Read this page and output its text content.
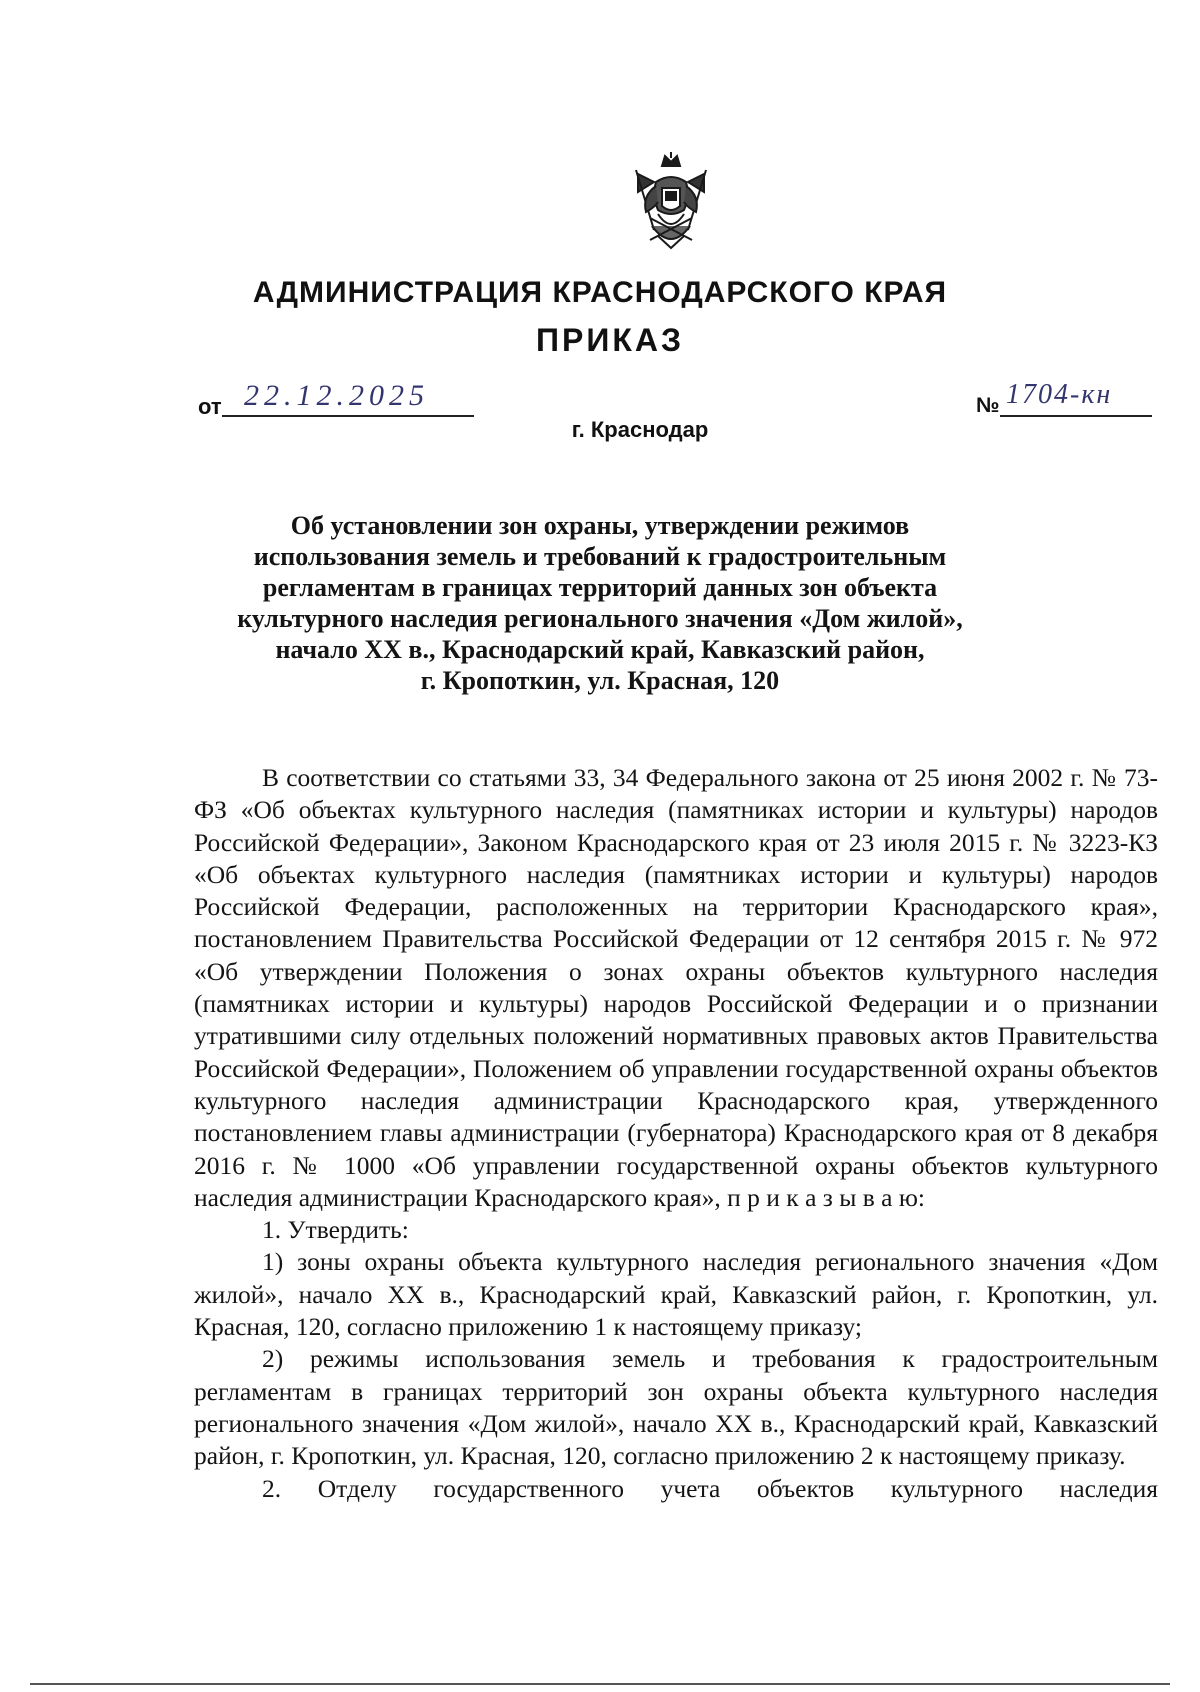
АДМИНИСТРАЦИЯ КРАСНОДАРСКОГО КРАЯ
ПРИКАЗ
от 22.12.2025	№ 1704-кн
г. Краснодар
Об установлении зон охраны, утверждении режимов
использования земель и требований к градостроительным
регламентам в границах территорий данных зон объекта
культурного наследия регионального значения «Дом жилой»,
начало XX в., Краснодарский край, Кавказский район,
г. Кропоткин, ул. Красная, 120

В соответствии со статьями 33, 34 Федерального закона от 25 июня 2002 г. № 73-ФЗ «Об объектах культурного наследия (памятниках истории и культуры) народов Российской Федерации», Законом Краснодарского края от 23 июля 2015 г. № 3223-КЗ «Об объектах культурного наследия (памятниках истории и культуры) народов Российской Федерации, расположенных на территории Краснодарского края», постановлением Правительства Российской Федерации от 12 сентября 2015 г. № 972 «Об утверждении Положения о зонах охраны объектов культурного наследия (памятниках истории и культуры) народов Российской Федерации и о признании утратившими силу отдельных положений нормативных правовых актов Правительства Российской Федерации», Положением об управлении государственной охраны объектов культурного наследия администрации Краснодарского края, утвержденного постановлением главы администрации (губернатора) Краснодарского края от 8 декабря 2016 г. № 1000 «Об управлении государственной охраны объектов культурного наследия администрации Краснодарского края», п р и к а з ы в а ю:

1. Утвердить:

1) зоны охраны объекта культурного наследия регионального значения «Дом жилой», начало XX в., Краснодарский край, Кавказский район, г. Кропоткин, ул. Красная, 120, согласно приложению 1 к настоящему приказу;

2) режимы использования земель и требования к градостроительным регламентам в границах территорий зон охраны объекта культурного наследия регионального значения «Дом жилой», начало XX в., Краснодарский край, Кавказский район, г. Кропоткин, ул. Красная, 120, согласно приложению 2 к настоящему приказу.

2. Отделу государственного учета объектов культурного наследия
